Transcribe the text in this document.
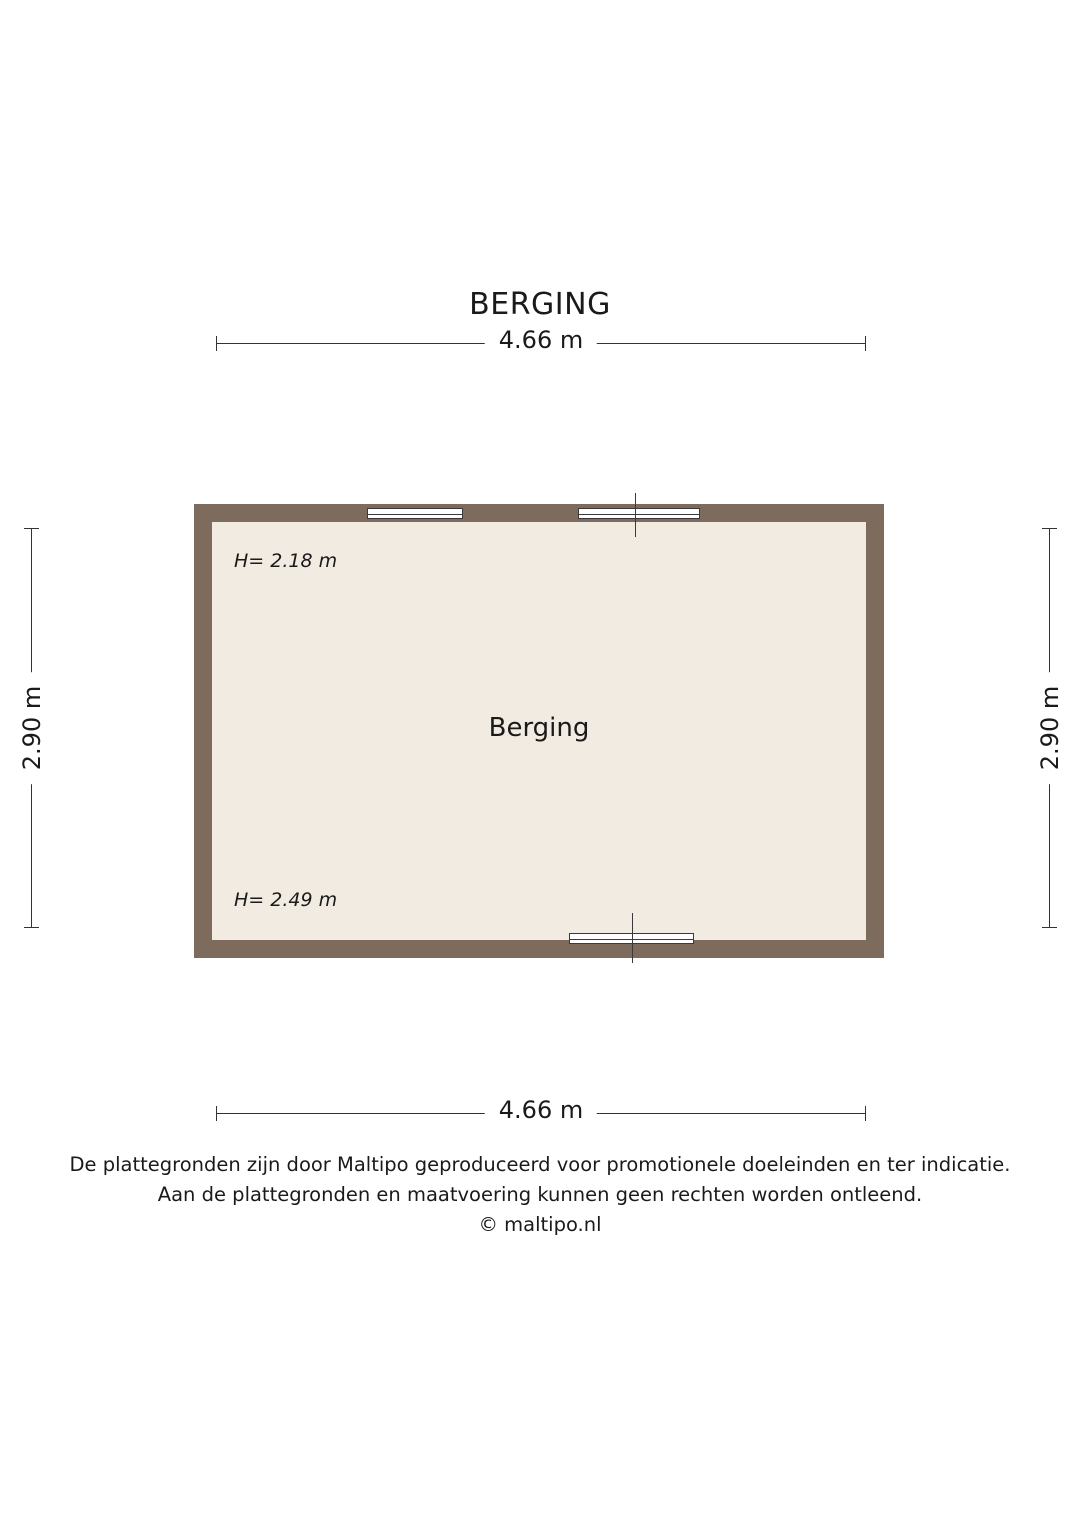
BERGING
4.66 m
2.90 m	2.90 m
H= 2.18 m
H= 2.49 m
Berging
4.66 m
De plattegronden zijn door Maltipo geproduceerd voor promotionele doeleinden en ter indicatie.
Aan de plattegronden en maatvoering kunnen geen rechten worden ontleend.
© maltipo.nl
